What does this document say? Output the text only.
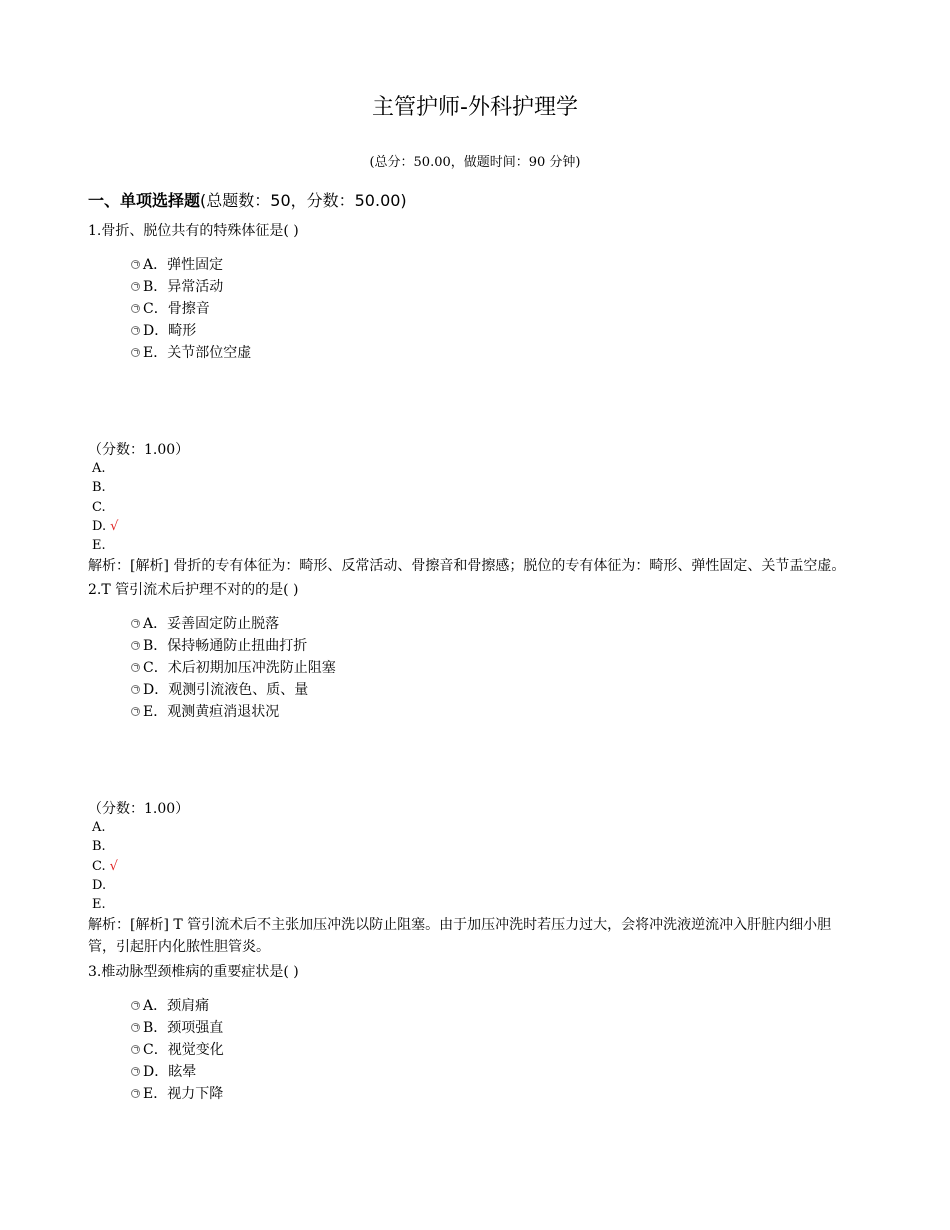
主管护师-外科护理学
(总分：50.00，做题时间：90 分钟)
一、单项选择题(总题数：50，分数：50.00)
1.骨折、脱位共有的特殊体征是( )
A．弹性固定
B．异常活动
C．骨擦音
D．畸形
E．关节部位空虚
（分数：1.00）
A.
B.
C.
D. √
E.
解析：[解析] 骨折的专有体征为：畸形、反常活动、骨擦音和骨擦感；脱位的专有体征为：畸形、弹性固定、关节盂空虚。
2.T 管引流术后护理不对的的是( )
A．妥善固定防止脱落
B．保持畅通防止扭曲打折
C．术后初期加压冲洗防止阻塞
D．观测引流液色、质、量
E．观测黄疸消退状况
（分数：1.00）
A.
B.
C. √
D.
E.
解析：[解析] T 管引流术后不主张加压冲洗以防止阻塞。由于加压冲洗时若压力过大，会将冲洗液逆流冲入肝脏内细小胆管，引起肝内化脓性胆管炎。
3.椎动脉型颈椎病的重要症状是( )
A．颈肩痛
B．颈项强直
C．视觉变化
D．眩晕
E．视力下降
